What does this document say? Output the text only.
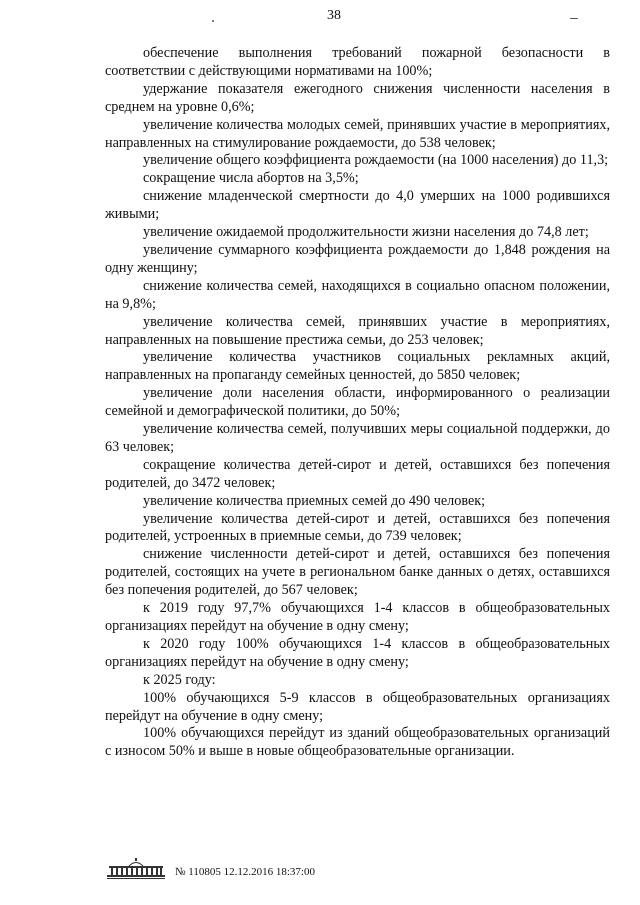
38

обеспечение выполнения требований пожарной безопасности в соответствии с действующими нормативами на 100%;

удержание показателя ежегодного снижения численности населения в среднем на уровне 0,6%;

увеличение количества молодых семей, принявших участие в мероприятиях, направленных на стимулирование рождаемости, до 538 человек;

увеличение общего коэффициента рождаемости (на 1000 населения) до 11,3;

сокращение числа абортов на 3,5%;

снижение младенческой смертности до 4,0 умерших на 1000 родившихся живыми;

увеличение ожидаемой продолжительности жизни населения до 74,8 лет;

увеличение суммарного коэффициента рождаемости до 1,848 рождения на одну женщину;

снижение количества семей, находящихся в социально опасном положении, на 9,8%;

увеличение количества семей, принявших участие в мероприятиях, направленных на повышение престижа семьи, до 253 человек;

увеличение количества участников социальных рекламных акций, направленных на пропаганду семейных ценностей, до 5850 человек;

увеличение доли населения области, информированного о реализации семейной и демографической политики, до 50%;

увеличение количества семей, получивших меры социальной поддержки, до 63 человек;

сокращение количества детей-сирот и детей, оставшихся без попечения родителей, до 3472 человек;

увеличение количества приемных семей до 490 человек;

увеличение количества детей-сирот и детей, оставшихся без попечения родителей, устроенных в приемные семьи, до 739 человек;

снижение численности детей-сирот и детей, оставшихся без попечения родителей, состоящих на учете в региональном банке данных о детях, оставшихся без попечения родителей, до 567 человек;

к 2019 году 97,7% обучающихся 1-4 классов в общеобразовательных организациях перейдут на обучение в одну смену;

к 2020 году 100% обучающихся 1-4 классов в общеобразовательных организациях перейдут на обучение в одну смену;

к 2025 году:

100% обучающихся 5-9 классов в общеобразовательных организациях перейдут на обучение в одну смену;

100% обучающихся перейдут из зданий общеобразовательных организаций с износом 50% и выше в новые общеобразовательные организации.

№ 110805 12.12.2016 18:37:00
